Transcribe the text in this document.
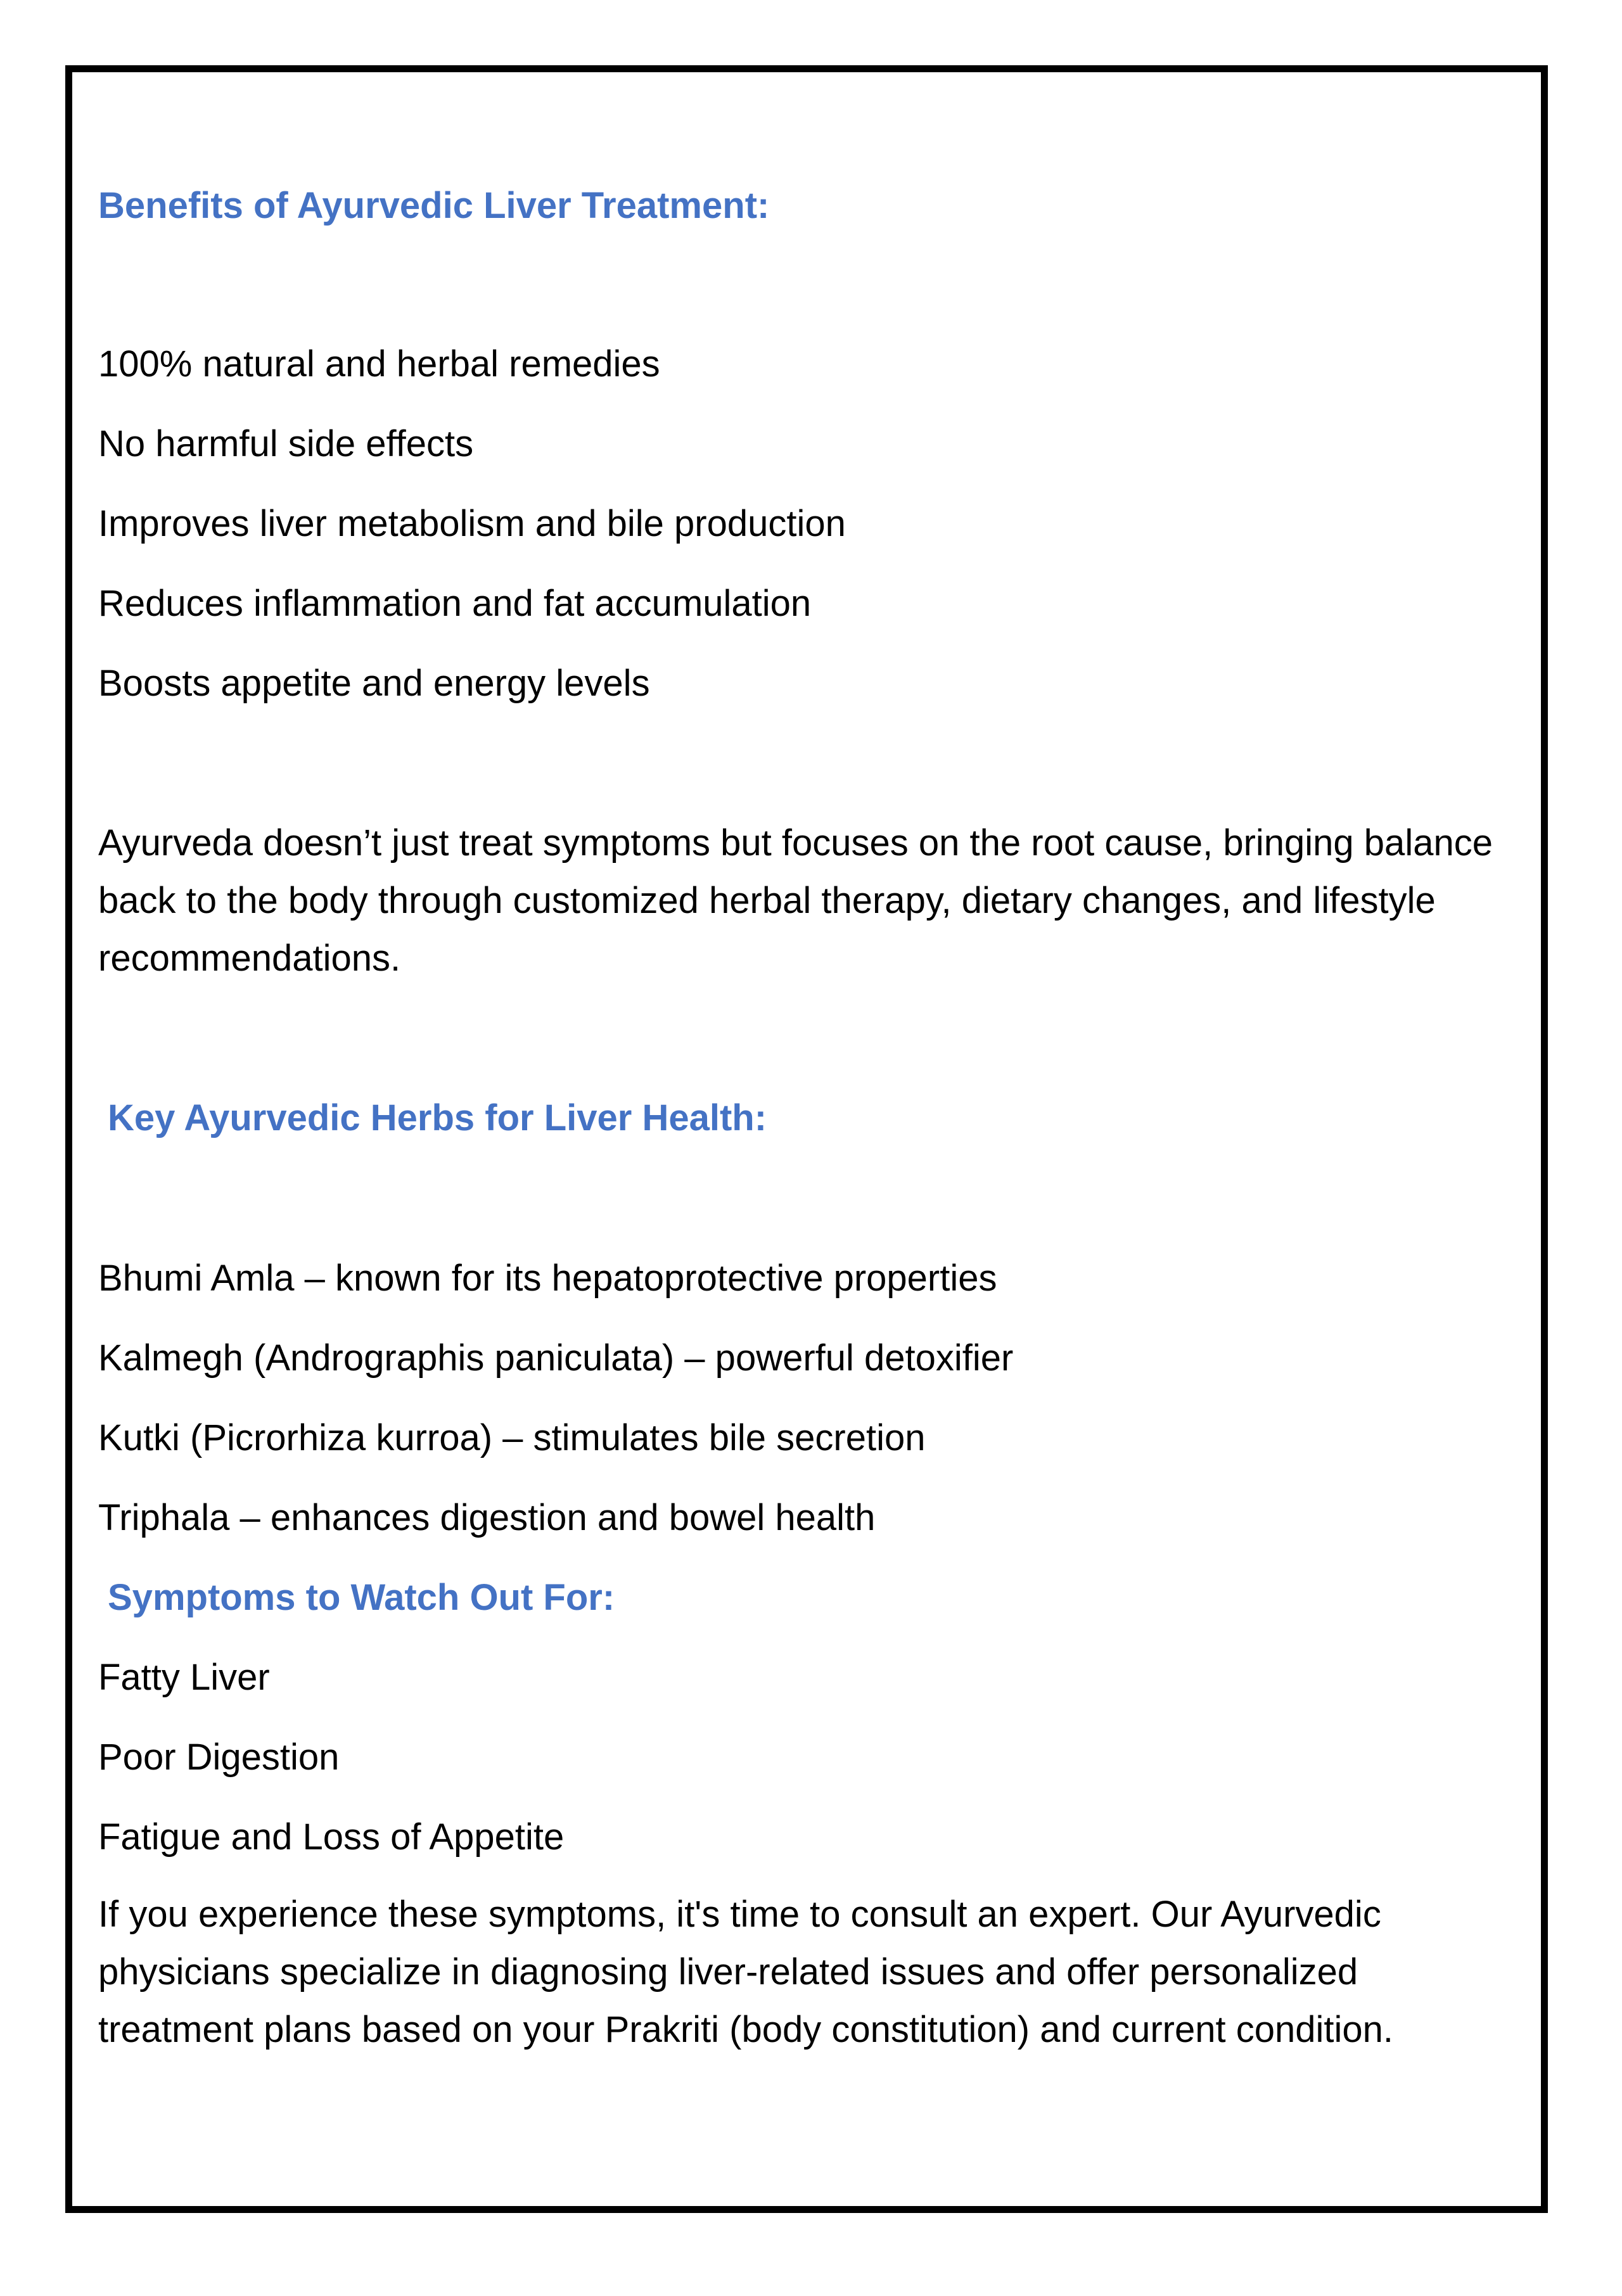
Benefits of Ayurvedic Liver Treatment:
100% natural and herbal remedies
No harmful side effects
Improves liver metabolism and bile production
Reduces inflammation and fat accumulation
Boosts appetite and energy levels
Ayurveda doesn’t just treat symptoms but focuses on the root cause, bringing balance back to the body through customized herbal therapy, dietary changes, and lifestyle recommendations.
Key Ayurvedic Herbs for Liver Health:
Bhumi Amla – known for its hepatoprotective properties
Kalmegh (Andrographis paniculata) – powerful detoxifier
Kutki (Picrorhiza kurroa) – stimulates bile secretion
Triphala – enhances digestion and bowel health
Symptoms to Watch Out For:
Fatty Liver
Poor Digestion
Fatigue and Loss of Appetite
If you experience these symptoms, it's time to consult an expert. Our Ayurvedic physicians specialize in diagnosing liver-related issues and offer personalized treatment plans based on your Prakriti (body constitution) and current condition.
